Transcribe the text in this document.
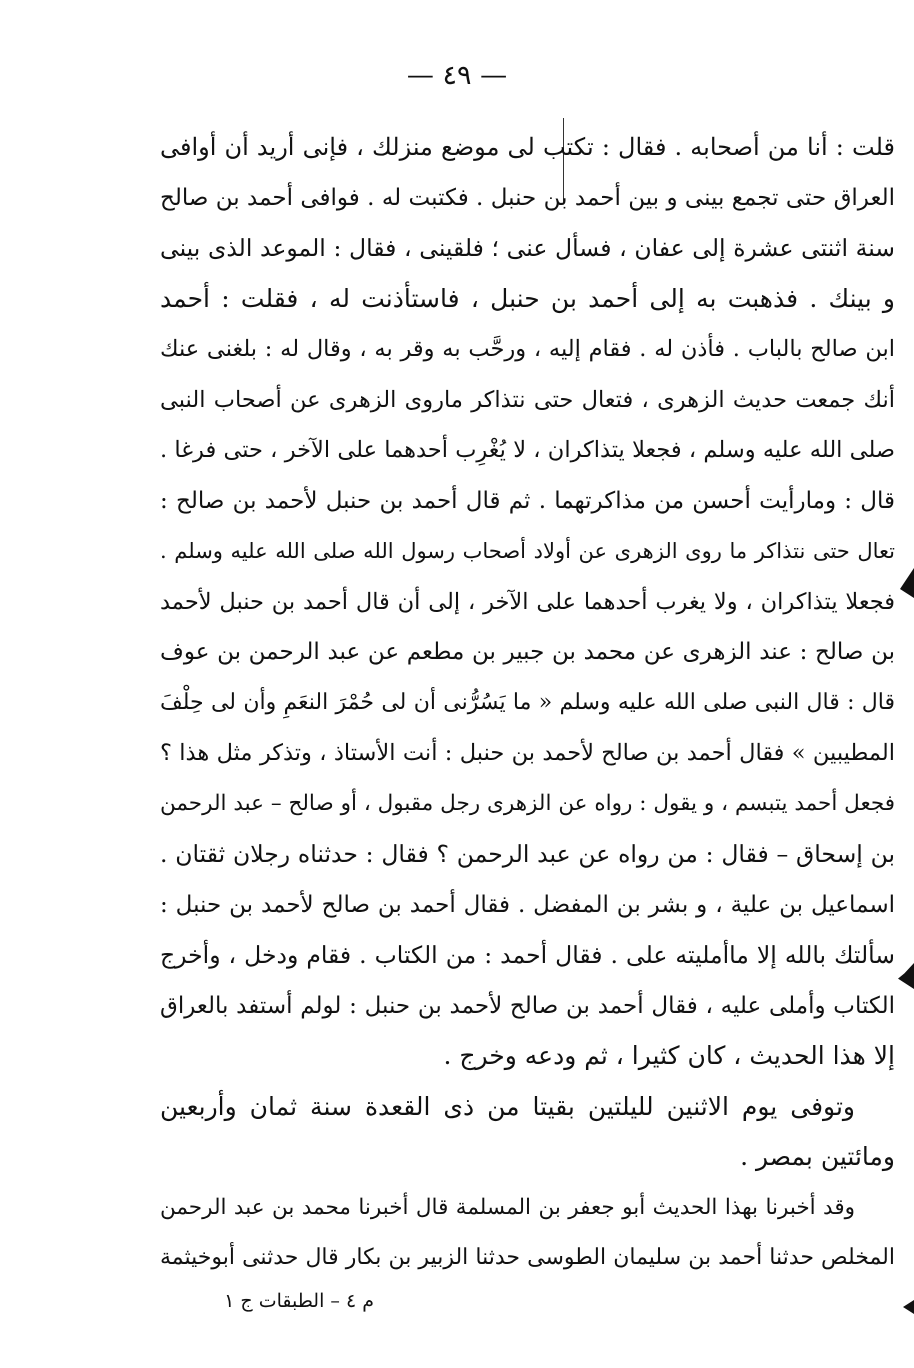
— ٤٩ —
قلت : أنا من أصحابه . فقال : تكتب لى موضع منزلك ، فإنى أريد أن أوافى
العراق حتى تجمع بينى و بين أحمد بن حنبل . فكتبت له . فوافى أحمد بن صالح
سنة اثنتى عشرة إلى عفان ، فسأل عنى ؛ فلقينى ، فقال : الموعد الذى بينى
و بينك . فذهبت به إلى أحمد بن حنبل ، فاستأذنت له ، فقلت : أحمد
ابن صالح بالباب . فأذن له . فقام إليه ، ورحَّب به وقر به ، وقال له : بلغنى عنك
أنك جمعت حديث الزهرى ، فتعال حتى نتذاكر ماروى الزهرى عن أصحاب النبى
صلى الله عليه وسلم ، فجعلا يتذاكران ، لا يُغْرِب أحدهما على الآخر ، حتى فرغا .
قال : ومارأيت أحسن من مذاكرتهما . ثم قال أحمد بن حنبل لأحمد بن صالح :
تعال حتى نتذاكر ما روى الزهرى عن أولاد أصحاب رسول الله صلى الله عليه وسلم .
فجعلا يتذاكران ، ولا يغرب أحدهما على الآخر ، إلى أن قال أحمد بن حنبل لأحمد
بن صالح : عند الزهرى عن محمد بن جبير بن مطعم عن عبد الرحمن بن عوف
قال : قال النبى صلى الله عليه وسلم « ما يَسُرُّنى أن لى حُمْرَ النعَمِ وأن لى حِلْفَ
المطيبين » فقال أحمد بن صالح لأحمد بن حنبل : أنت الأستاذ ، وتذكر مثل هذا ؟
فجعل أحمد يتبسم ، و يقول : رواه عن الزهرى رجل مقبول ، أو صالح – عبد الرحمن
بن إسحاق – فقال : من رواه عن عبد الرحمن ؟ فقال : حدثناه رجلان ثقتان .
اسماعيل بن علية ، و بشر بن المفضل . فقال أحمد بن صالح لأحمد بن حنبل :
سألتك بالله إلا ماأمليته على . فقال أحمد : من الكتاب . فقام ودخل ، وأخرج
الكتاب وأملى عليه ، فقال أحمد بن صالح لأحمد بن حنبل : لولم أستفد بالعراق
إلا هذا الحديث ، كان كثيرا ، ثم ودعه وخرج .
وتوفى يوم الاثنين لليلتين بقيتا من ذى القعدة سنة ثمان وأربعين
ومائتين بمصر .
وقد أخبرنا بهذا الحديث أبو جعفر بن المسلمة قال أخبرنا محمد بن عبد الرحمن
المخلص حدثنا أحمد بن سليمان الطوسى حدثنا الزبير بن بكار قال حدثنى أبوخيثمة
م ٤ – الطبقات ج ١
